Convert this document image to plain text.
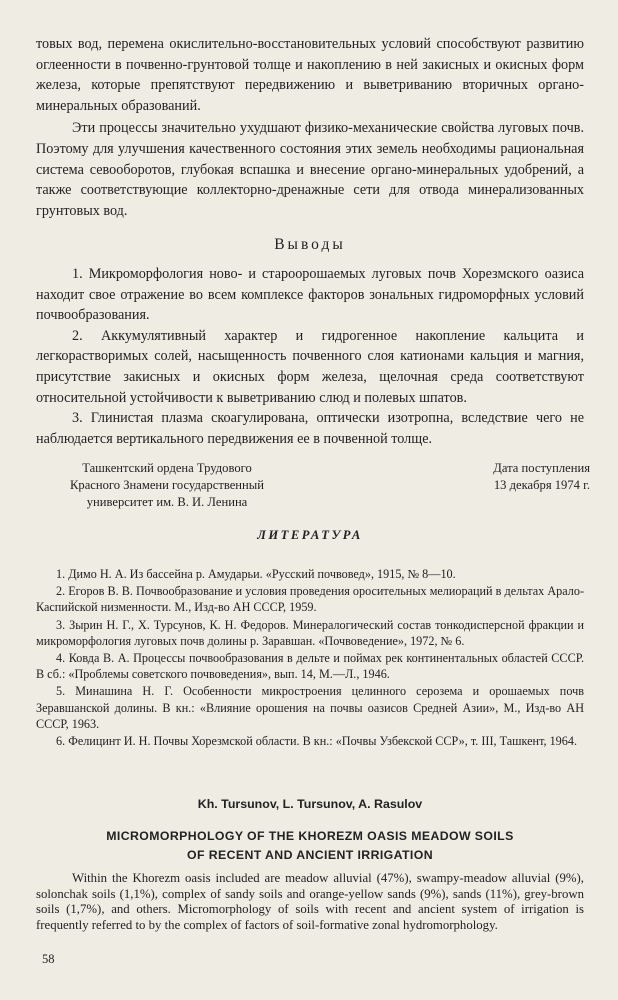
товых вод, перемена окислительно-восстановительных условий способствуют развитию оглеенности в почвенно-грунтовой толще и накоплению в ней закисных и окисных форм железа, которые препятствуют передвижению и выветриванию вторичных органо-минеральных образований.

Эти процессы значительно ухудшают физико-механические свойства луговых почв. Поэтому для улучшения качественного состояния этих земель необходимы рациональная система севооборотов, глубокая вспашка и внесение органо-минеральных удобрений, а также соответствующие коллекторно-дренажные сети для отвода минерализованных грунтовых вод.

Выводы

1. Микроморфология ново- и староорошаемых луговых почв Хорезмского оазиса находит свое отражение во всем комплексе факторов зональных гидроморфных условий почвообразования.

2. Аккумулятивный характер и гидрогенное накопление кальцита и легкорастворимых солей, насыщенность почвенного слоя катионами кальция и магния, присутствие закисных и окисных форм железа, щелочная среда соответствуют относительной устойчивости к выветриванию слюд и полевых шпатов.

3. Глинистая плазма скоагулирована, оптически изотропна, вследствие чего не наблюдается вертикального передвижения ее в почвенной толще.

Ташкентский ордена Трудового
Красного Знамени государственный
университет им. В. И. Ленина
Дата поступления
13 декабря 1974 г.
ЛИТЕРАТУРА

1. Димо Н. А. Из бассейна р. Амударьи. «Русский почвовед», 1915, № 8—10.

2. Егоров В. В. Почвообразование и условия проведения оросительных мелиораций в дельтах Арало-Каспийской низменности. М., Изд-во АН СССР, 1959.

3. Зырин Н. Г., Х. Турсунов, К. Н. Федоров. Минералогический состав тонкодисперсной фракции и микроморфология луговых почв долины р. Заравшан. «Почвоведение», 1972, № 6.

4. Ковда В. А. Процессы почвообразования в дельте и поймах рек континентальных областей СССР. В сб.: «Проблемы советского почвоведения», вып. 14, М.—Л., 1946.

5. Минашина Н. Г. Особенности микростроения целинного серозема и орошаемых почв Зеравшанской долины. В кн.: «Влияние орошения на почвы оазисов Средней Азии», М., Изд-во АН СССР, 1963.

6. Фелицинт И. Н. Почвы Хорезмской области. В кн.: «Почвы Узбекской ССР», т. III, Ташкент, 1964.

Kh. Tursunov, L. Tursunov, A. Rasulov
MICROMORPHOLOGY OF THE KHOREZM OASIS MEADOW SOILS
OF RECENT AND ANCIENT IRRIGATION

Within the Khorezm oasis included are meadow alluvial (47%), swampy-meadow alluvial (9%), solonchak soils (1,1%), complex of sandy soils and orange-yellow sands (9%), sands (11%), grey-brown soils (1,7%), and others. Micromorphology of soils with recent and ancient system of irrigation is frequently referred to by the complex of factors of soil-formative zonal hydromorphology.

58
